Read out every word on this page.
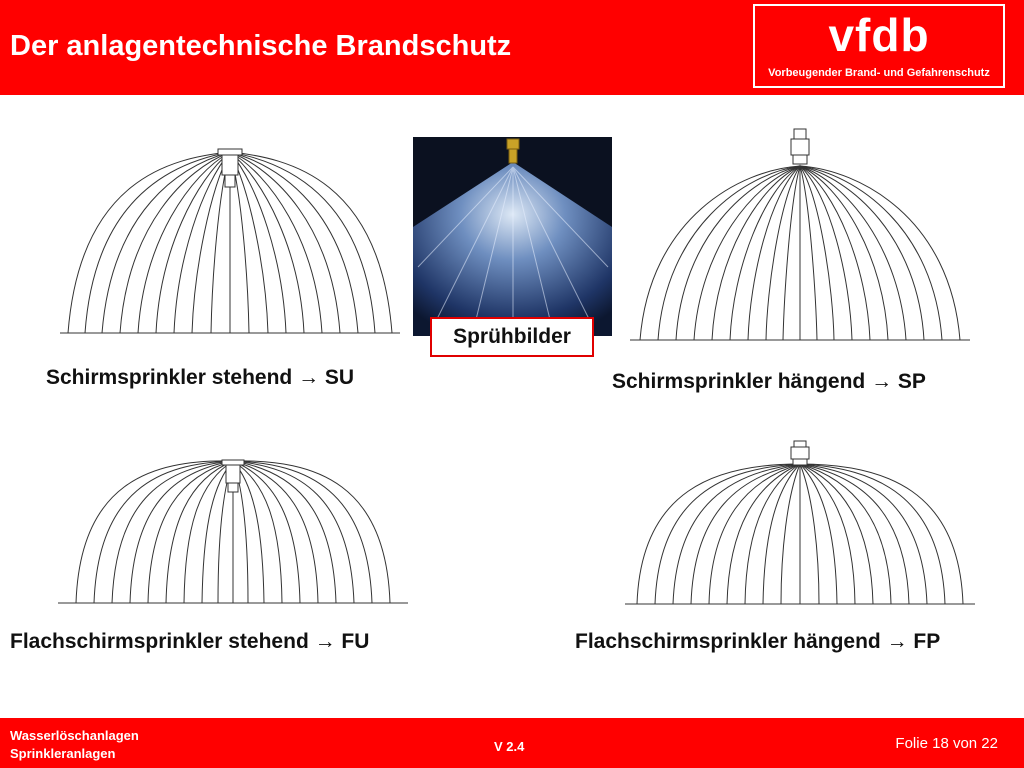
Der anlagentechnische Brandschutz	vfdb
Vorbeugender Brand- und Gefahrenschutz
Schirmsprinkler stehend → SU
Sprühbilder
Schirmsprinkler hängend → SP
Flachschirmsprinkler stehend → FU	Flachschirmsprinkler hängend → FP
Wasserlöschanlagen
Sprinkleranlagen	V 2.4	Folie 18 von 22
